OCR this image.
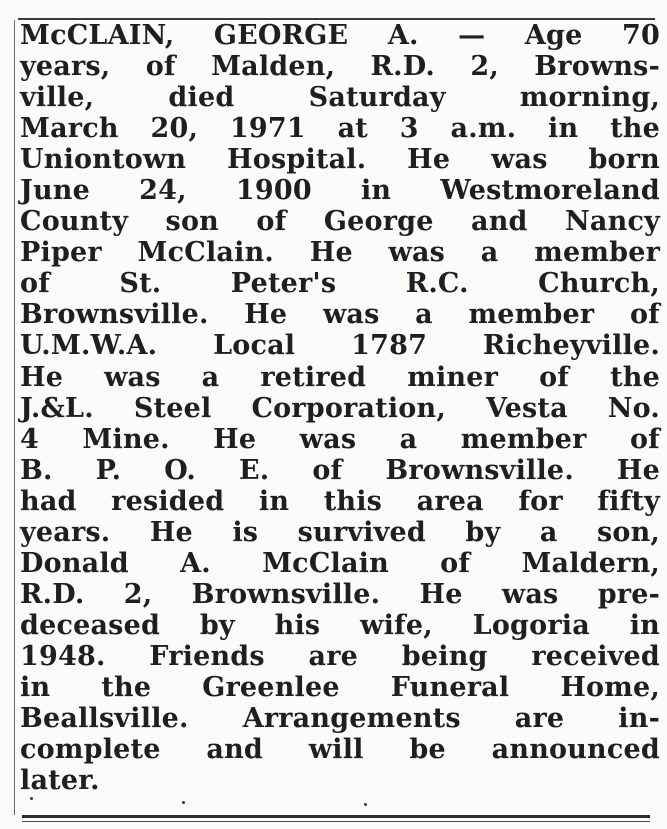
McCLAIN, GEORGE A. — Age 70
years, of Malden, R.D. 2, Browns-
ville, died Saturday morning,
March 20, 1971 at 3 a.m. in the
Uniontown Hospital. He was born
June 24, 1900 in Westmoreland
County son of George and Nancy
Piper McClain. He was a member
of St. Peter's R.C. Church,
Brownsville. He was a member of
U.M.W.A. Local 1787 Richeyville.
He was a retired miner of the
J.&L. Steel Corporation, Vesta No.
4 Mine. He was a member of
B. P. O. E. of Brownsville. He
had resided in this area for fifty
years. He is survived by a son,
Donald A. McClain of Maldern,
R.D. 2, Brownsville. He was pre-
deceased by his wife, Logoria in
1948. Friends are being received
in the Greenlee Funeral Home,
Beallsville. Arrangements are in-
complete and will be announced
later.
